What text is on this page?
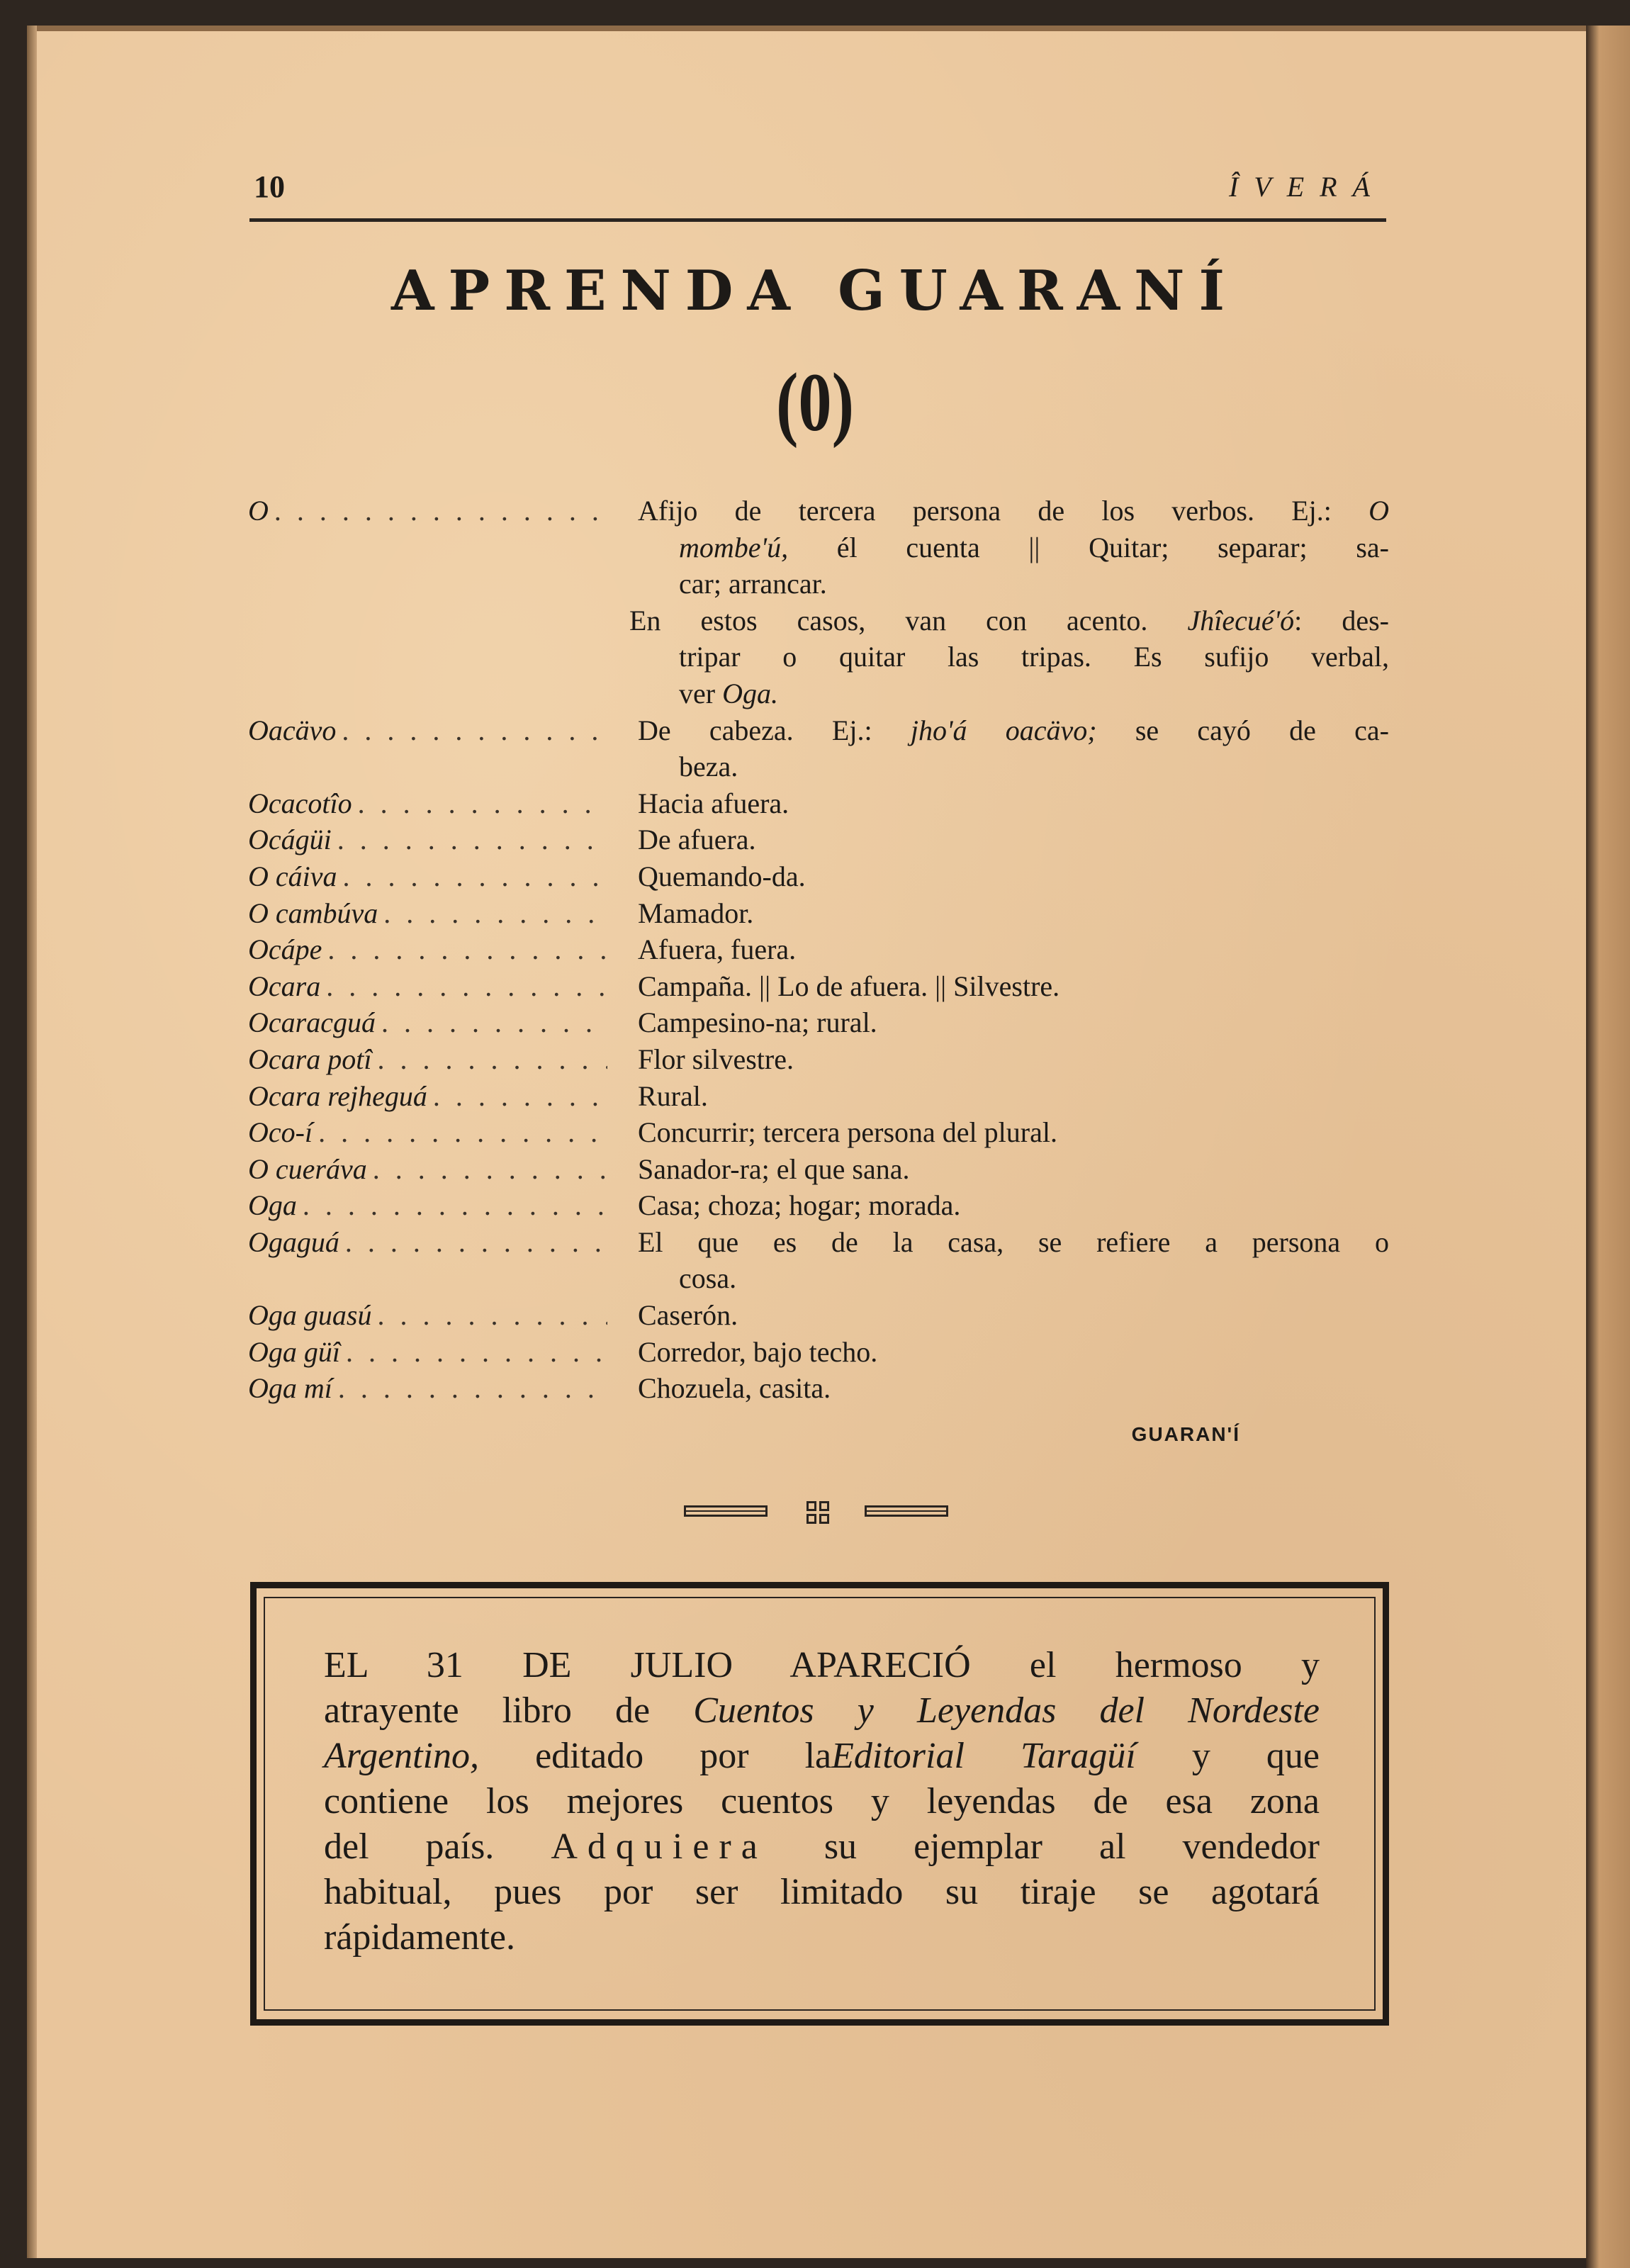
10	ÎVERÁ
APRENDA GUARANÍ
(0)
O . . .	Afijo de tercera persona de los verbos. Ej.: O
mombe'ú, él cuenta || Quitar; separar; sa-
car; arrancar.
En estos casos, van con acento. Jhîecué'ó: des-
tripar o quitar las tripas. Es sufijo verbal,
ver Oga.
Oacävo . . .	De cabeza. Ej.: jho'á oacävo; se cayó de ca-
beza.
Ocacotîo . . .	Hacia afuera.
Ocágüi . . .	De afuera.
O cáiva . . .	Quemando-da.
O cambúva . . .	Mamador.
Ocápe . . .	Afuera, fuera.
Ocara . . .	Campaña. || Lo de afuera. || Silvestre.
Ocaracguá . . .	Campesino-na; rural.
Ocara potî . . .	Flor silvestre.
Ocara rejheguá . . .	Rural.
Oco-í . . .	Concurrir; tercera persona del plural.
O cueráva . . .	Sanador-ra; el que sana.
Oga . . .	Casa; choza; hogar; morada.
Ogaguá . . .	El que es de la casa, se refiere a persona o
cosa.
Oga guasú . . .	Caserón.
Oga güî . . .	Corredor, bajo techo.
Oga mí . . .	Chozuela, casita.
GUARAN'Í
EL 31 DE JULIO APARECIÓ el hermoso y
atrayente libro de Cuentos y Leyendas del Nordeste
Argentino, editado por laEditorial Taragüí y que
contiene los mejores cuentos y leyendas de esa zona
del país. Adquiera su ejemplar al vendedor
habitual, pues por ser limitado su tiraje se agotará
rápidamente.
